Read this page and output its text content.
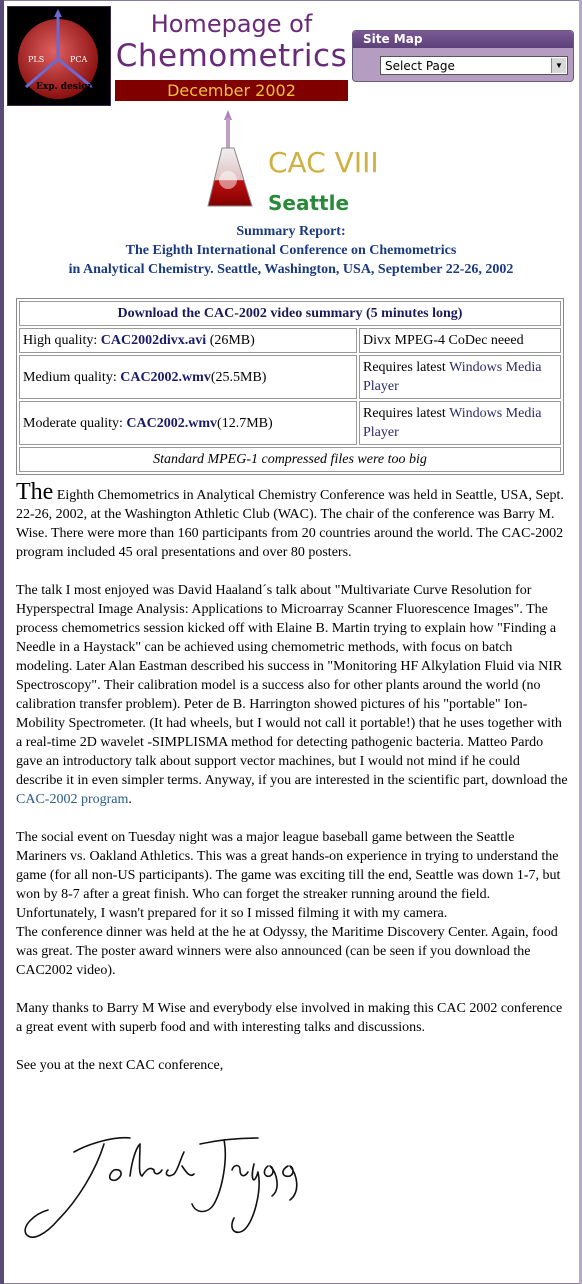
PLS	PCA
Exp. design
Homepage of
Chemometrics
December 2002
Site Map
Select Page	▼
CAC VIII
Seattle
Summary Report:
The Eighth International Conference on Chemometrics
in Analytical Chemistry. Seattle, Washington, USA, September 22-26, 2002
Download the CAC-2002 video summary (5 minutes long)	
High quality: CAC2002divx.avi (26MB)	Divx MPEG-4 CoDec neeed
Medium quality: CAC2002.wmv(25.5MB)	Requires latest Windows Media Player
Moderate quality: CAC2002.wmv(12.7MB)	Requires latest Windows Media Player
Standard MPEG-1 compressed files were too big	

The Eighth Chemometrics in Analytical Chemistry Conference was held in Seattle, USA, Sept. 22-26, 2002, at the Washington Athletic Club (WAC). The chair of the conference was Barry M. Wise. There were more than 160 participants from 20 countries around the world. The CAC-2002 program included 45 oral presentations and over 80 posters.

The talk I most enjoyed was David Haaland´s talk about "Multivariate Curve Resolution for Hyperspectral Image Analysis: Applications to Microarray Scanner Fluorescence Images". The process chemometrics session kicked off with Elaine B. Martin trying to explain how "Finding a Needle in a Haystack" can be achieved using chemometric methods, with focus on batch modeling. Later Alan Eastman described his success in "Monitoring HF Alkylation Fluid via NIR Spectroscopy". Their calibration model is a success also for other plants around the world (no calibration transfer problem). Peter de B. Harrington showed pictures of his "portable" Ion-Mobility Spectrometer. (It had wheels, but I would not call it portable!) that he uses together with a real-time 2D wavelet -SIMPLISMA method for detecting pathogenic bacteria. Matteo Pardo gave an introductory talk about support vector machines, but I would not mind if he could describe it in even simpler terms. Anyway, if you are interested in the scientific part, download the CAC-2002 program.

The social event on Tuesday night was a major league baseball game between the Seattle Mariners vs. Oakland Athletics. This was a great hands-on experience in trying to understand the game (for all non-US participants). The game was exciting till the end, Seattle was down 1-7, but won by 8-7 after a great finish. Who can forget the streaker running around the field. Unfortunately, I wasn't prepared for it so I missed filming it with my camera.

The conference dinner was held at the he at Odyssy, the Maritime Discovery Center. Again, food was great. The poster award winners were also announced (can be seen if you download the CAC2002 video).

Many thanks to Barry M Wise and everybody else involved in making this CAC 2002 conference a great event with superb food and with interesting talks and discussions.

See you at the next CAC conference,
